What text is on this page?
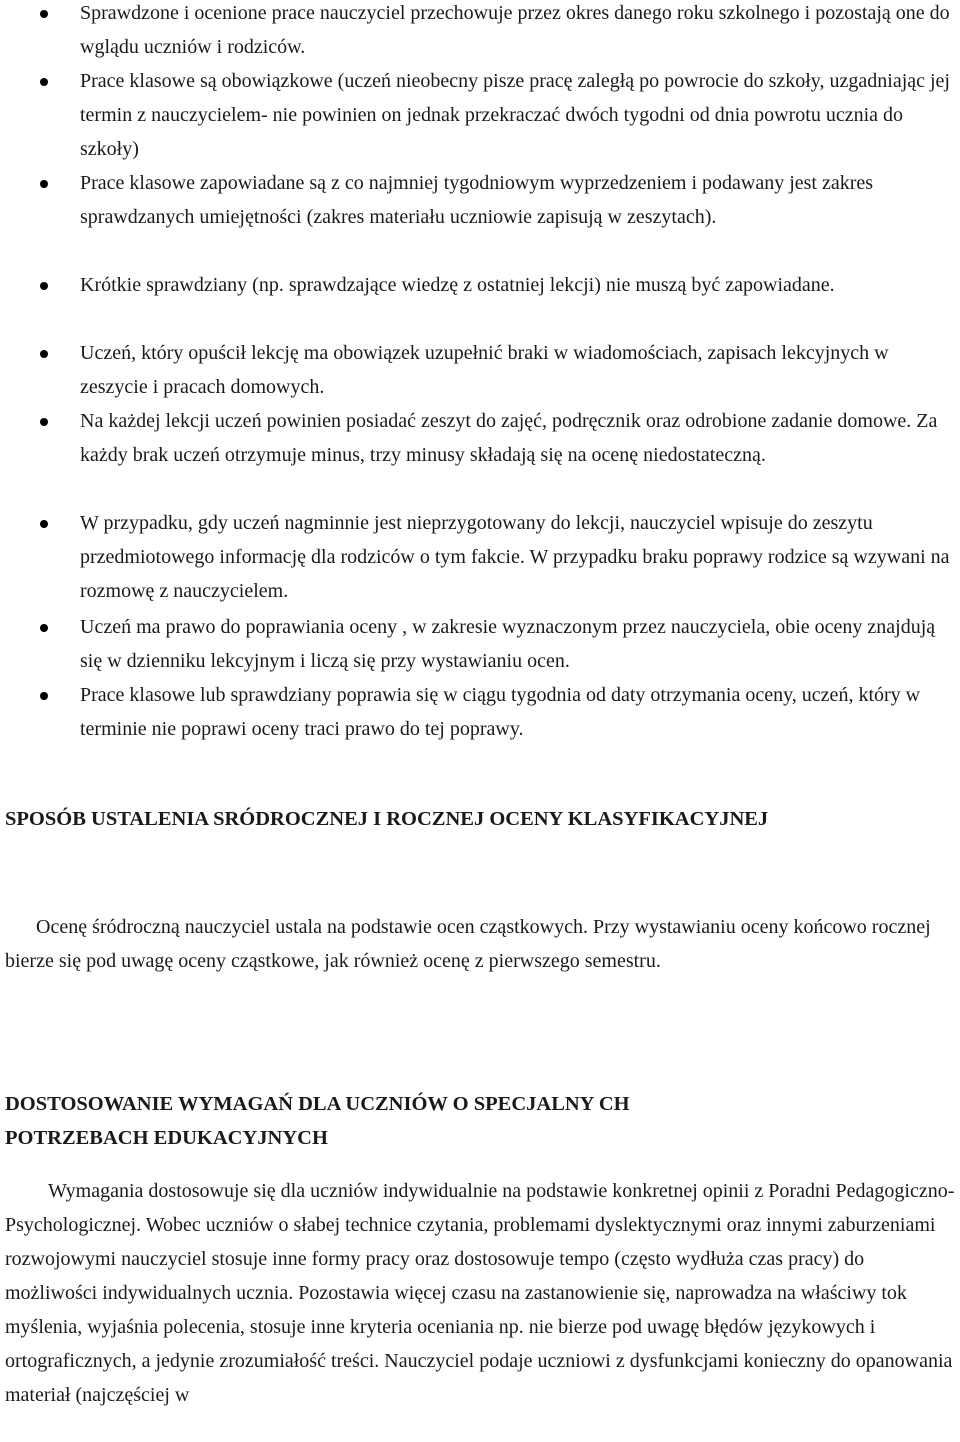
Sprawdzone i ocenione prace nauczyciel przechowuje przez okres danego roku szkolnego i pozostają one do wglądu uczniów i rodziców.
Prace klasowe są obowiązkowe (uczeń nieobecny pisze pracę zaległą po powrocie do szkoły, uzgadniając jej termin z nauczycielem- nie powinien on jednak przekraczać dwóch tygodni od dnia powrotu ucznia do szkoły)
Prace klasowe zapowiadane są z co najmniej tygodniowym wyprzedzeniem i podawany jest zakres sprawdzanych umiejętności (zakres materiału uczniowie zapisują w zeszytach).
Krótkie sprawdziany (np. sprawdzające wiedzę z ostatniej lekcji) nie muszą być zapowiadane.
Uczeń, który opuścił lekcję ma obowiązek uzupełnić braki w wiadomościach, zapisach lekcyjnych w zeszycie i pracach domowych.
Na każdej lekcji uczeń powinien posiadać zeszyt do zajęć, podręcznik oraz odrobione zadanie domowe. Za każdy brak uczeń otrzymuje minus, trzy minusy składają się na ocenę niedostateczną.
W przypadku, gdy uczeń nagminnie jest nieprzygotowany do lekcji, nauczyciel wpisuje do zeszytu przedmiotowego informację dla rodziców o tym fakcie. W przypadku braku poprawy rodzice są wzywani na rozmowę z nauczycielem.
Uczeń ma prawo do poprawiania oceny , w zakresie wyznaczonym przez nauczyciela, obie oceny znajdują się w dzienniku lekcyjnym i liczą się przy wystawianiu ocen.
Prace klasowe lub sprawdziany poprawia się w ciągu tygodnia od daty otrzymania oceny, uczeń, który w terminie nie poprawi oceny traci prawo do tej poprawy.
SPOSÓB USTALENIA SRÓDROCZNEJ I ROCZNEJ OCENY KLASYFIKACYJNEJ
Ocenę śródroczną nauczyciel ustala na podstawie ocen cząstkowych. Przy wystawianiu oceny końcowo rocznej bierze się pod uwagę oceny cząstkowe, jak również ocenę z pierwszego semestru.
DOSTOSOWANIE WYMAGAŃ DLA UCZNIÓW O SPECJALNY CH
POTRZEBACH EDUKACYJNYCH
Wymagania dostosowuje się dla uczniów indywidualnie na podstawie konkretnej opinii z Poradni Pedagogiczno-Psychologicznej. Wobec uczniów o słabej technice czytania, problemami dyslektycznymi oraz innymi zaburzeniami rozwojowymi nauczyciel stosuje inne formy pracy oraz dostosowuje tempo (często wydłuża czas pracy) do możliwości indywidualnych ucznia. Pozostawia więcej czasu na zastanowienie się, naprowadza na właściwy tok myślenia, wyjaśnia polecenia, stosuje inne kryteria oceniania np. nie bierze pod uwagę błędów językowych i ortograficznych, a jedynie zrozumiałość treści. Nauczyciel podaje uczniowi z dysfunkcjami konieczny do opanowania materiał (najczęściej w
